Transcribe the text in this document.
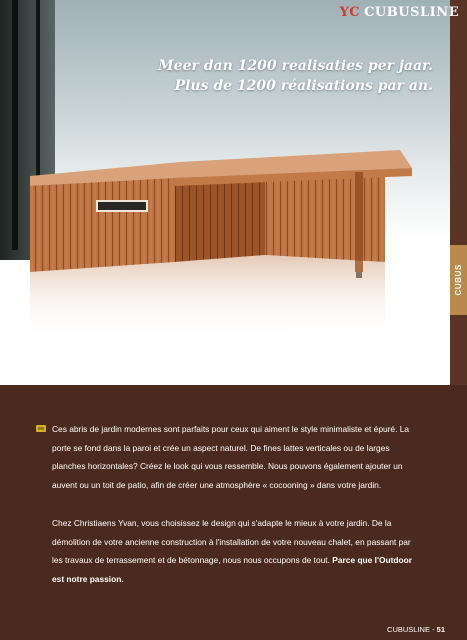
YC CUBUSLINE
Meer dan 1200 realisaties per jaar.
Plus de 1200 réalisations par an.
CUBUS

Ces abris de jardin modernes sont parfaits pour ceux qui aiment le style minimaliste et épuré. La porte se fond dans la paroi et crée un aspect naturel. De fines lattes verticales ou de larges planches horizontales? Créez le look qui vous ressemble. Nous pouvons également ajouter un auvent ou un toit de patio, afin de créer une atmosphère « cocooning » dans votre jardin.

Chez Christiaens Yvan, vous choisissez le design qui s'adapte le mieux à votre jardin. De la démolition de votre ancienne construction à l'installation de votre nouveau chalet, en passant par les travaux de terrassement et de bétonnage, nous nous occupons de tout. Parce que l'Outdoor est notre passion.

CUBUSLINE - 51
